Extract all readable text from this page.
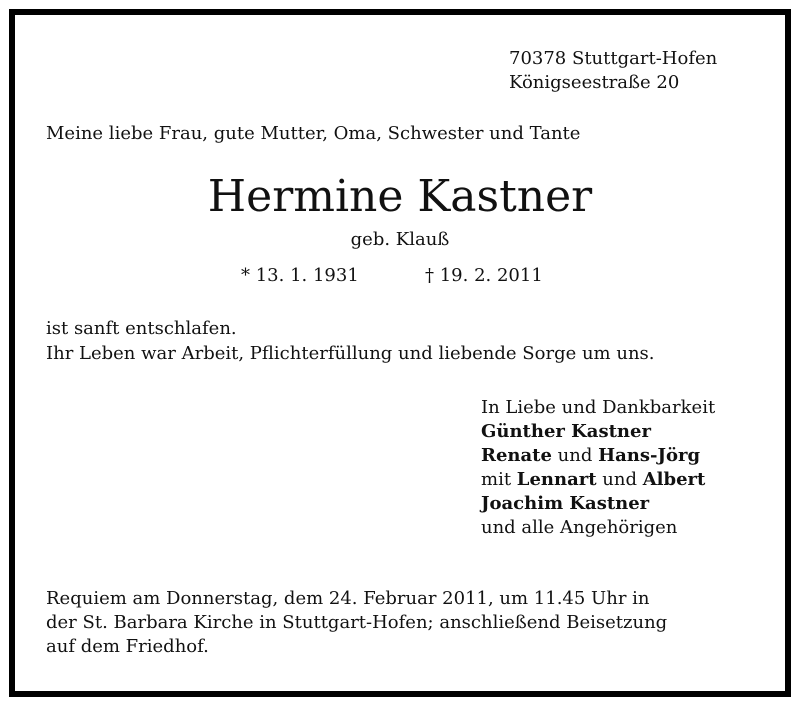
70378 Stuttgart-Hofen
Königseestraße 20
Meine liebe Frau, gute Mutter, Oma, Schwester und Tante
Hermine Kastner
geb. Klauß
* 13. 1. 1931	† 19. 2. 2011
ist sanft entschlafen.
Ihr Leben war Arbeit, Pflichterfüllung und liebende Sorge um uns.
In Liebe und Dankbarkeit
Günther Kastner
Renate und Hans-Jörg
mit Lennart und Albert
Joachim Kastner
und alle Angehörigen
Requiem am Donnerstag, dem 24. Februar 2011, um 11.45 Uhr in
der St. Barbara Kirche in Stuttgart-Hofen; anschließend Beisetzung
auf dem Friedhof.
